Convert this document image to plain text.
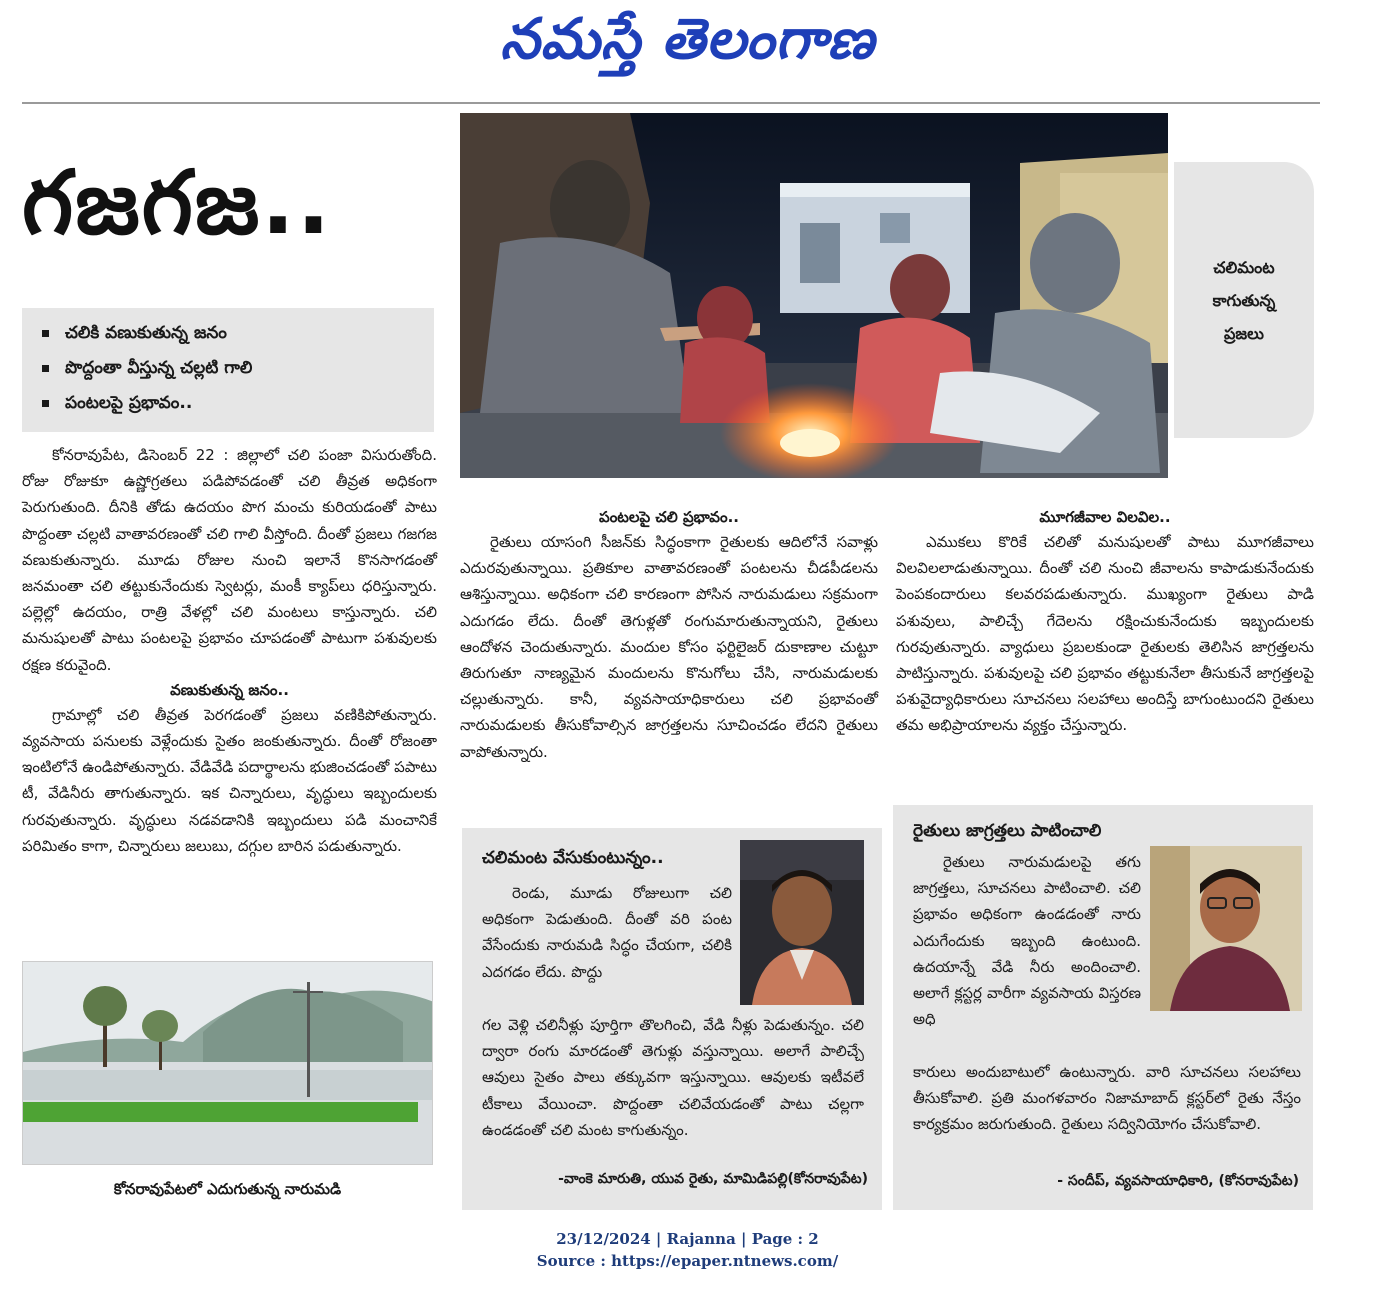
నమస్తే తెలంగాణ
గజగజ..
చలికి వణుకుతున్న జనం
పొద్దంతా వీస్తున్న చల్లటి గాలి
పంటలపై ప్రభావం..

కోనరావుపేట, డిసెంబర్ 22 : జిల్లాలో చలి పంజా విసురుతోంది. రోజు రోజుకూ ఉష్ణోగ్రతలు పడిపోవడంతో చలి తీవ్రత అధికంగా పెరుగుతుంది. దీనికి తోడు ఉదయం పొగ మంచు కురియడంతో పాటు పొద్దంతా చల్లటి వాతావరణంతో చలి గాలి వీస్తోంది. దీంతో ప్రజలు గజగజ వణుకుతున్నారు. మూడు రోజుల నుంచి ఇలానే కొనసాగడంతో జనమంతా చలి తట్టుకునేందుకు స్వెటర్లు, మంకీ క్యాప్‌లు ధరిస్తున్నారు. పల్లెల్లో ఉదయం, రాత్రి వేళల్లో చలి మంటలు కాస్తున్నారు. చలి మనుషులతో పాటు పంటలపై ప్రభావం చూపడంతో పాటుగా పశువులకు రక్షణ కరువైంది.

వణుకుతున్న జనం..

గ్రామాల్లో చలి తీవ్రత పెరగడంతో ప్రజలు వణికిపోతున్నారు. వ్యవసాయ పనులకు వెళ్లేందుకు సైతం జంకుతున్నారు. దీంతో రోజంతా ఇంటిలోనే ఉండిపోతున్నారు. వేడివేడి పదార్థాలను భుజించడంతో పపాటు టీ, వేడినీరు తాగుతున్నారు. ఇక చిన్నారులు, వృద్ధులు ఇబ్బందులకు గురవుతున్నారు. వృద్ధులు నడవడానికి ఇబ్బందులు పడి మంచానికే పరిమితం కాగా, చిన్నారులు జలుబు, దగ్గుల బారిన పడుతున్నారు.

చలిమంట కాగుతున్న ప్రజలు

పంటలపై చలి ప్రభావం..

రైతులు యాసంగి సీజన్‌కు సిద్ధంకాగా రైతులకు ఆదిలోనే సవాళ్లు ఎదురవుతున్నాయి. ప్రతికూల వాతావరణంతో పంటలను చీడపీడలను ఆశిస్తున్నాయి. అధికంగా చలి కారణంగా పోసిన నారుమడులు సక్రమంగా ఎదుగడం లేదు. దీంతో తెగుళ్లతో రంగుమారుతున్నాయని, రైతులు ఆందోళన చెందుతున్నారు. మందుల కోసం ఫర్టిలైజర్ దుకాణాల చుట్టూ తిరుగుతూ నాణ్యమైన మందులను కొనుగోలు చేసి, నారుమడులకు చల్లుతున్నారు. కానీ, వ్యవసాయాధికారులు చలి ప్రభావంతో నారుమడులకు తీసుకోవాల్సిన జాగ్రత్తలను సూచించడం లేదని రైతులు వాపోతున్నారు.

మూగజీవాల విలవిల..

ఎముకలు కొరికే చలితో మనుషులతో పాటు మూగజీవాలు విలవిలలాడుతున్నాయి. దీంతో చలి నుంచి జీవాలను కాపాడుకునేందుకు పెంపకందారులు కలవరపడుతున్నారు. ముఖ్యంగా రైతులు పాడి పశువులు, పాలిచ్చే గేదెలను రక్షించుకునేందుకు ఇబ్బందులకు గురవుతున్నారు. వ్యాధులు ప్రబలకుండా రైతులకు తెలిసిన జాగ్రత్తలను పాటిస్తున్నారు. పశువులపై చలి ప్రభావం తట్టుకునేలా తీసుకునే జాగ్రత్తలపై పశువైద్యాధికారులు సూచనలు సలహాలు అందిస్తే బాగుంటుందని రైతులు తమ అభిప్రాయాలను వ్యక్తం చేస్తున్నారు.

చలిమంట వేసుకుంటున్నం..

రెండు, మూడు రోజులుగా చలి అధికంగా పెడుతుంది. దీంతో వరి పంట వేసేందుకు నారుమడి సిద్ధం చేయగా, చలికి ఎదగడం లేదు. పొద్దు

గల వెళ్లి చలినీళ్లు పూర్తిగా తొలగించి, వేడి నీళ్లు పెడుతున్నం. చలి ద్వారా రంగు మారడంతో తెగుళ్లు వస్తున్నాయి. అలాగే పాలిచ్చే ఆవులు సైతం పాలు తక్కువగా ఇస్తున్నాయి. ఆవులకు ఇటీవలే టీకాలు వేయించా. పొద్దంతా చలివేయడంతో పాటు చల్లగా ఉండడంతో చలి మంట కాగుతున్నం.

-వాంకె మారుతి, యువ రైతు, మామిడిపల్లి(కోనరావుపేట)
రైతులు జాగ్రత్తలు పాటించాలి

రైతులు నారుమడులపై తగు జాగ్రత్తలు, సూచనలు పాటించాలి. చలి ప్రభావం అధికంగా ఉండడంతో నారు ఎదుగేందుకు ఇబ్బంది ఉంటుంది. ఉదయాన్నే వేడి నీరు అందించాలి. అలాగే క్లస్టర్ల వారీగా వ్యవసాయ విస్తరణ అధి

కారులు అందుబాటులో ఉంటున్నారు. వారి సూచనలు సలహాలు తీసుకోవాలి. ప్రతి మంగళవారం నిజామాబాద్ క్లస్టర్‌లో రైతు నేస్తం కార్యక్రమం జరుగుతుంది. రైతులు సద్వినియోగం చేసుకోవాలి.

- సందీప్, వ్యవసాయాధికారి, (కోనరావుపేట)
కోనరావుపేటలో ఎదుగుతున్న నారుమడి
23/12/2024 | Rajanna | Page : 2
Source : https://epaper.ntnews.com/
